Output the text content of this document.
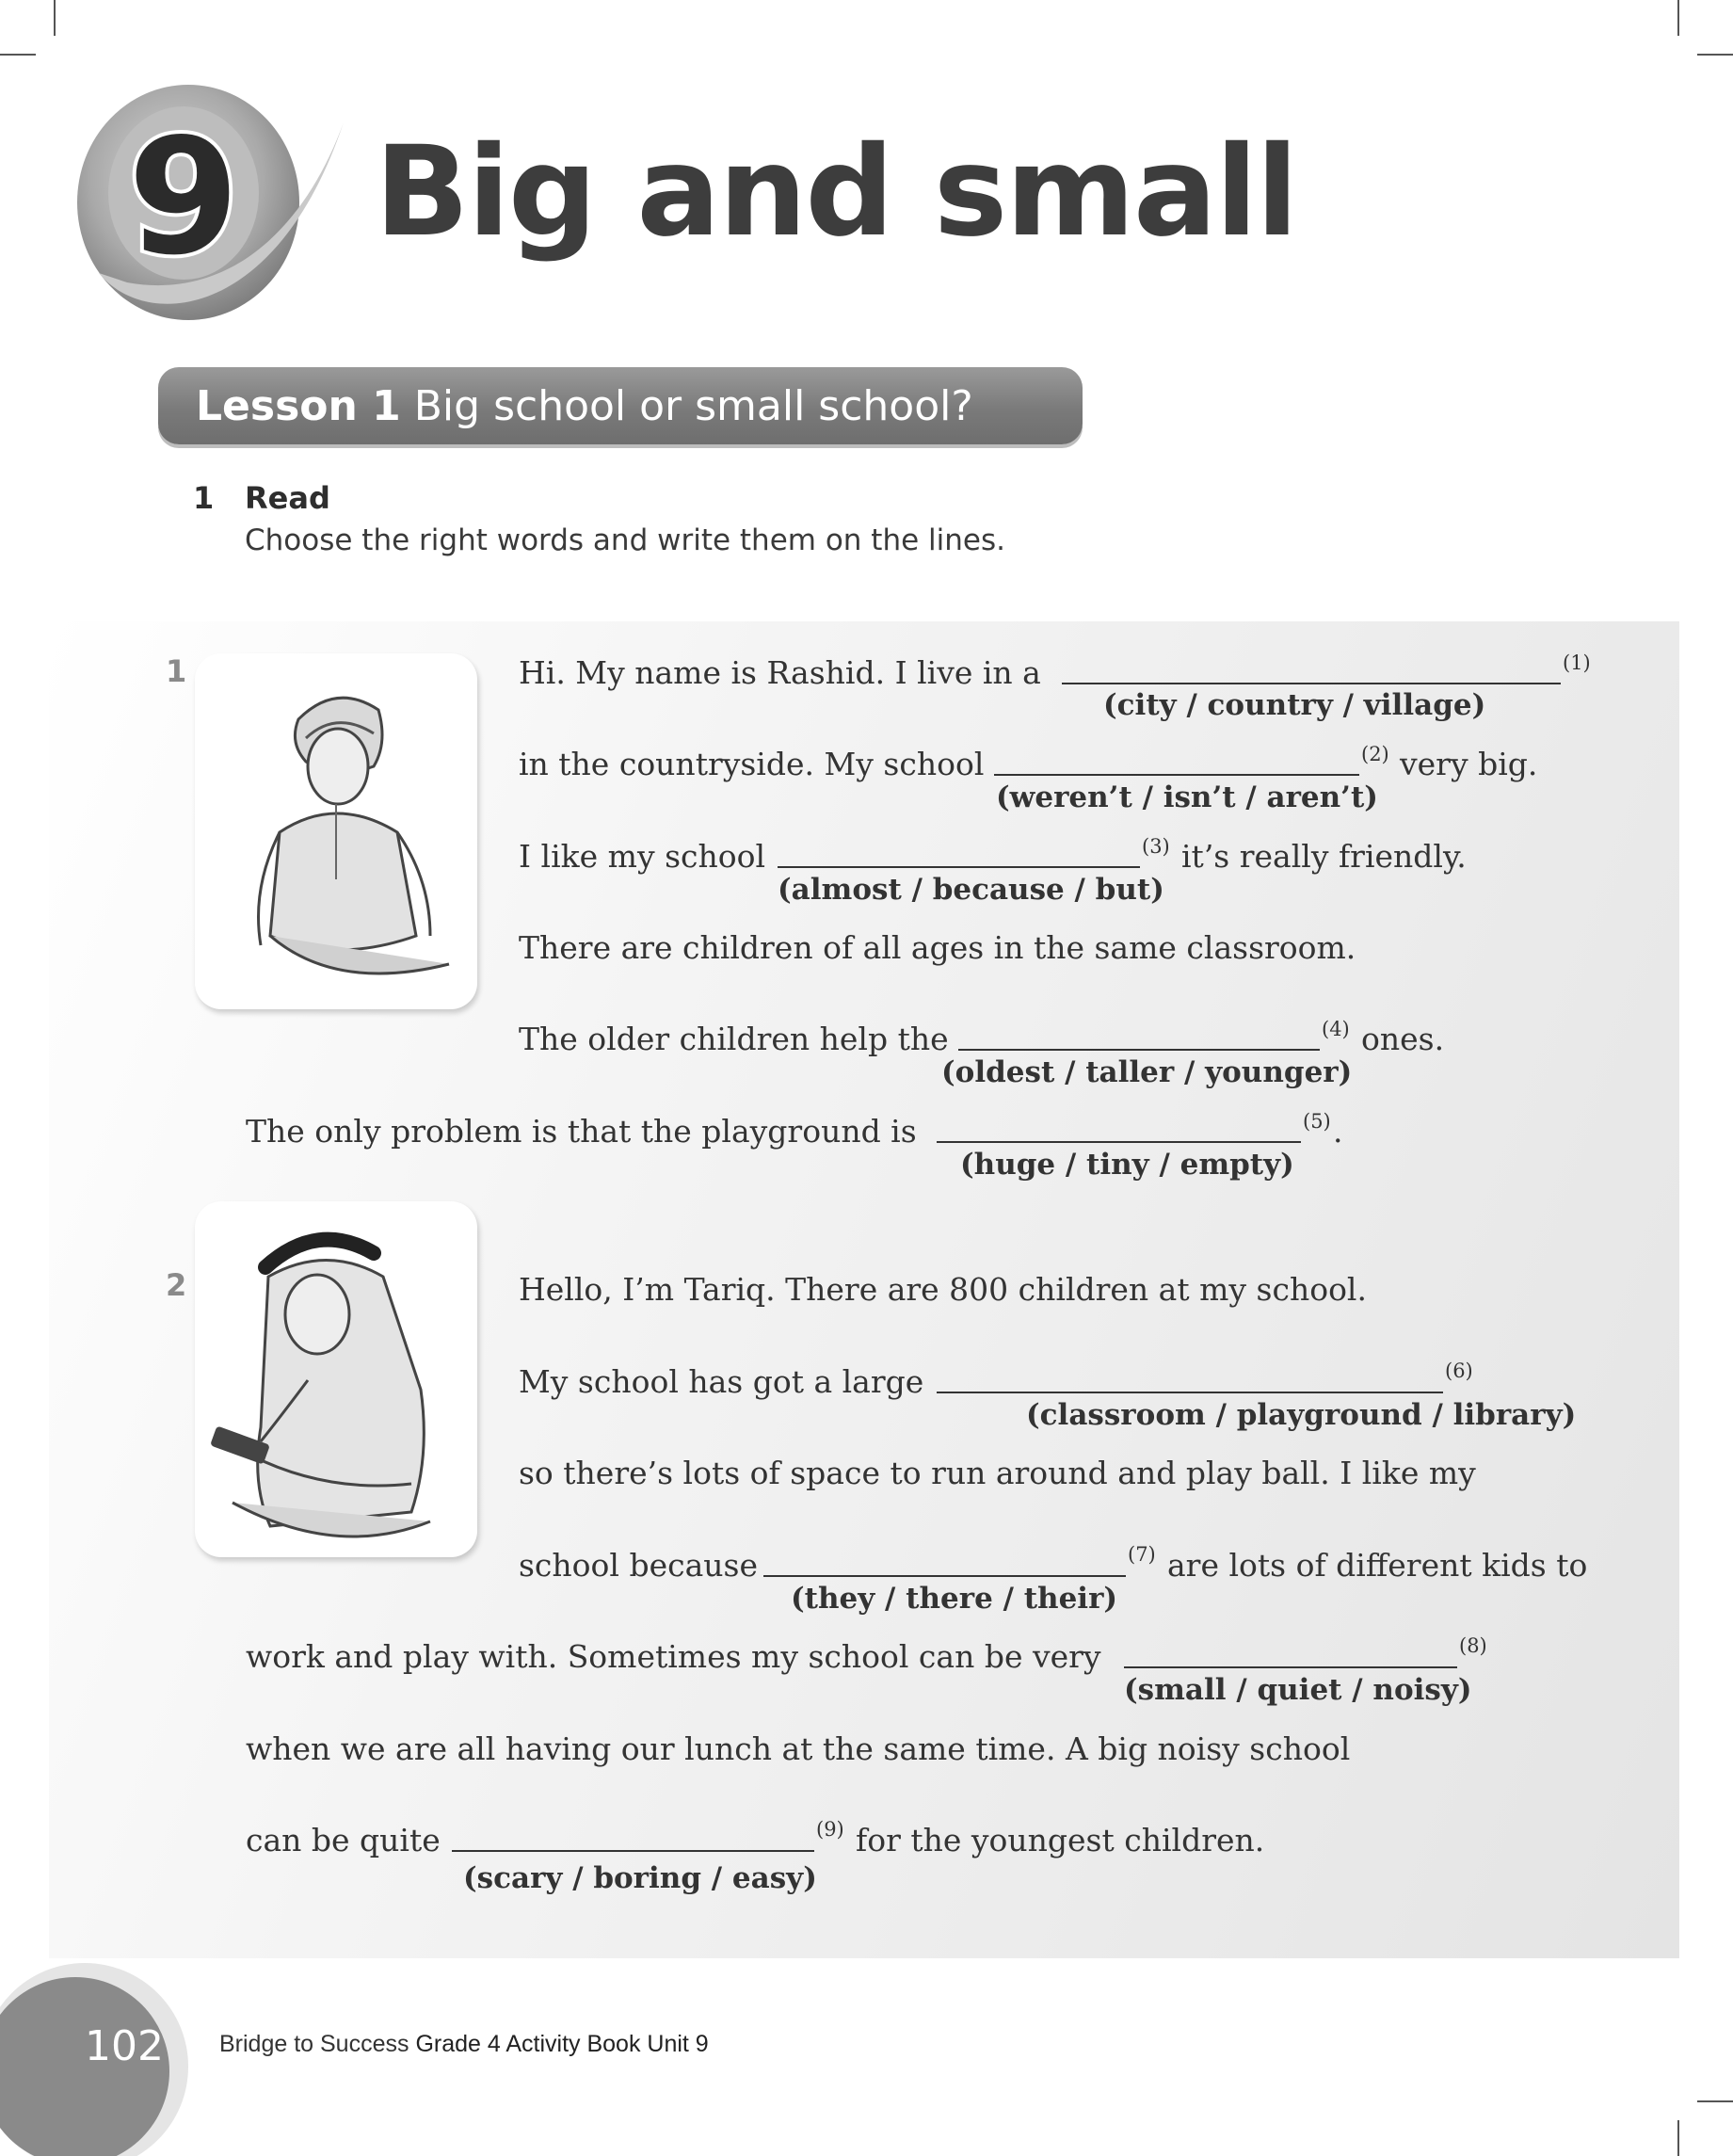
9 Big and small
Lesson 1 Big school or small school?
1 Read
Choose the right words and write them on the lines.
1	Hi. My name is Rashid. I live in a	(1)
(city / country / village)
in the countryside. My school	(2) very big.
(weren’t / isn’t / aren’t)
I like my school	(3) it’s really friendly.
(almost / because / but)
There are children of all ages in the same classroom.
The older children help the	(4) ones.
(oldest / taller / younger)
The only problem is that the playground is	(5) .
(huge / tiny / empty)
2	Hello, I’m Tariq. There are 800 children at my school.
My school has got a large	(6)
(classroom / playground / library)
so there’s lots of space to run around and play ball. I like my
school because	(7) are lots of different kids to
(they / there / their)
work and play with. Sometimes my school can be very	(8)
(small / quiet / noisy)
when we are all having our lunch at the same time. A big noisy school
can be quite	(9) for the youngest children.
(scary / boring / easy)
102 Bridge to Success Grade 4 Activity Book Unit 9
